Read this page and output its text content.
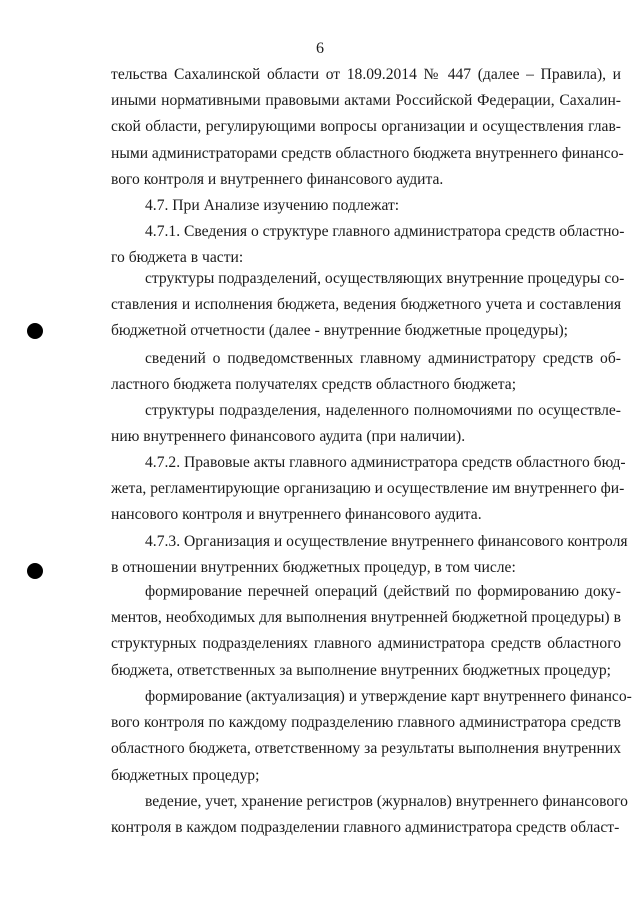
6
тельства Сахалинской области от 18.09.2014 № 447 (далее – Правила), и
иными нормативными правовыми актами Российской Федерации, Сахалин-
ской области, регулирующими вопросы организации и осуществления глав-
ными администраторами средств областного бюджета внутреннего финансо-
вого контроля и внутреннего финансового аудита.
4.7. При Анализе изучению подлежат:
4.7.1. Сведения о структуре главного администратора средств областно-
го бюджета в части:
структуры подразделений, осуществляющих внутренние процедуры со-
ставления и исполнения бюджета, ведения бюджетного учета и составления
бюджетной отчетности (далее - внутренние бюджетные процедуры);
сведений о подведомственных главному администратору средств об-
ластного бюджета получателях средств областного бюджета;
структуры подразделения, наделенного полномочиями по осуществле-
нию внутреннего финансового аудита (при наличии).
4.7.2. Правовые акты главного администратора средств областного бюд-
жета, регламентирующие организацию и осуществление им внутреннего фи-
нансового контроля и внутреннего финансового аудита.
4.7.3. Организация и осуществление внутреннего финансового контроля
в отношении внутренних бюджетных процедур, в том числе:
формирование перечней операций (действий по формированию доку-
ментов, необходимых для выполнения внутренней бюджетной процедуры) в
структурных подразделениях главного администратора средств областного
бюджета, ответственных за выполнение внутренних бюджетных процедур;
формирование (актуализация) и утверждение карт внутреннего финансо-
вого контроля по каждому подразделению главного администратора средств
областного бюджета, ответственному за результаты выполнения внутренних
бюджетных процедур;
ведение, учет, хранение регистров (журналов) внутреннего финансового
контроля в каждом подразделении главного администратора средств област-
